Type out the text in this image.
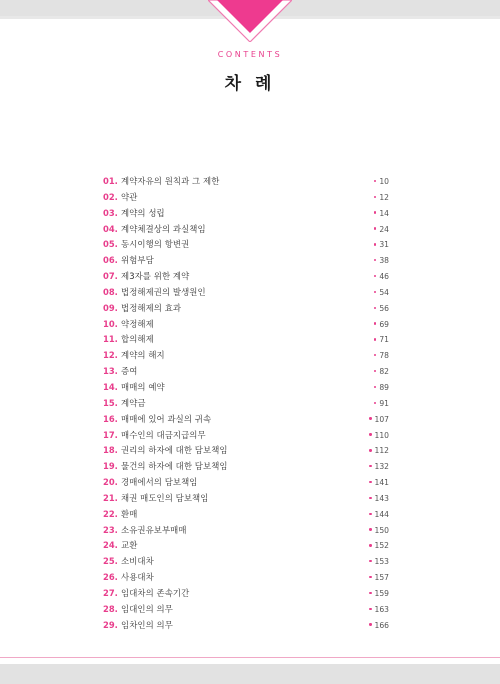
CONTENTS
차 례
01. 계약자유의 원칙과 그 제한	10
02. 약관	12
03. 계약의 성립	14
04. 계약체결상의 과실책임	24
05. 동시이행의 항변권	31
06. 위험부담	38
07. 제3자를 위한 계약	46
08. 법정해제권의 발생원인	54
09. 법정해제의 효과	56
10. 약정해제	69
11. 합의해제	71
12. 계약의 해지	78
13. 증여	82
14. 매매의 예약	89
15. 계약금	91
16. 매매에 있어 과실의 귀속	107
17. 매수인의 대금지급의무	110
18. 권리의 하자에 대한 담보책임	112
19. 물건의 하자에 대한 담보책임	132
20. 경매에서의 담보책임	141
21. 채권 매도인의 담보책임	143
22. 환매	144
23. 소유권유보부매매	150
24. 교환	152
25. 소비대차	153
26. 사용대차	157
27. 임대차의 존속기간	159
28. 임대인의 의무	163
29. 임차인의 의무	166
